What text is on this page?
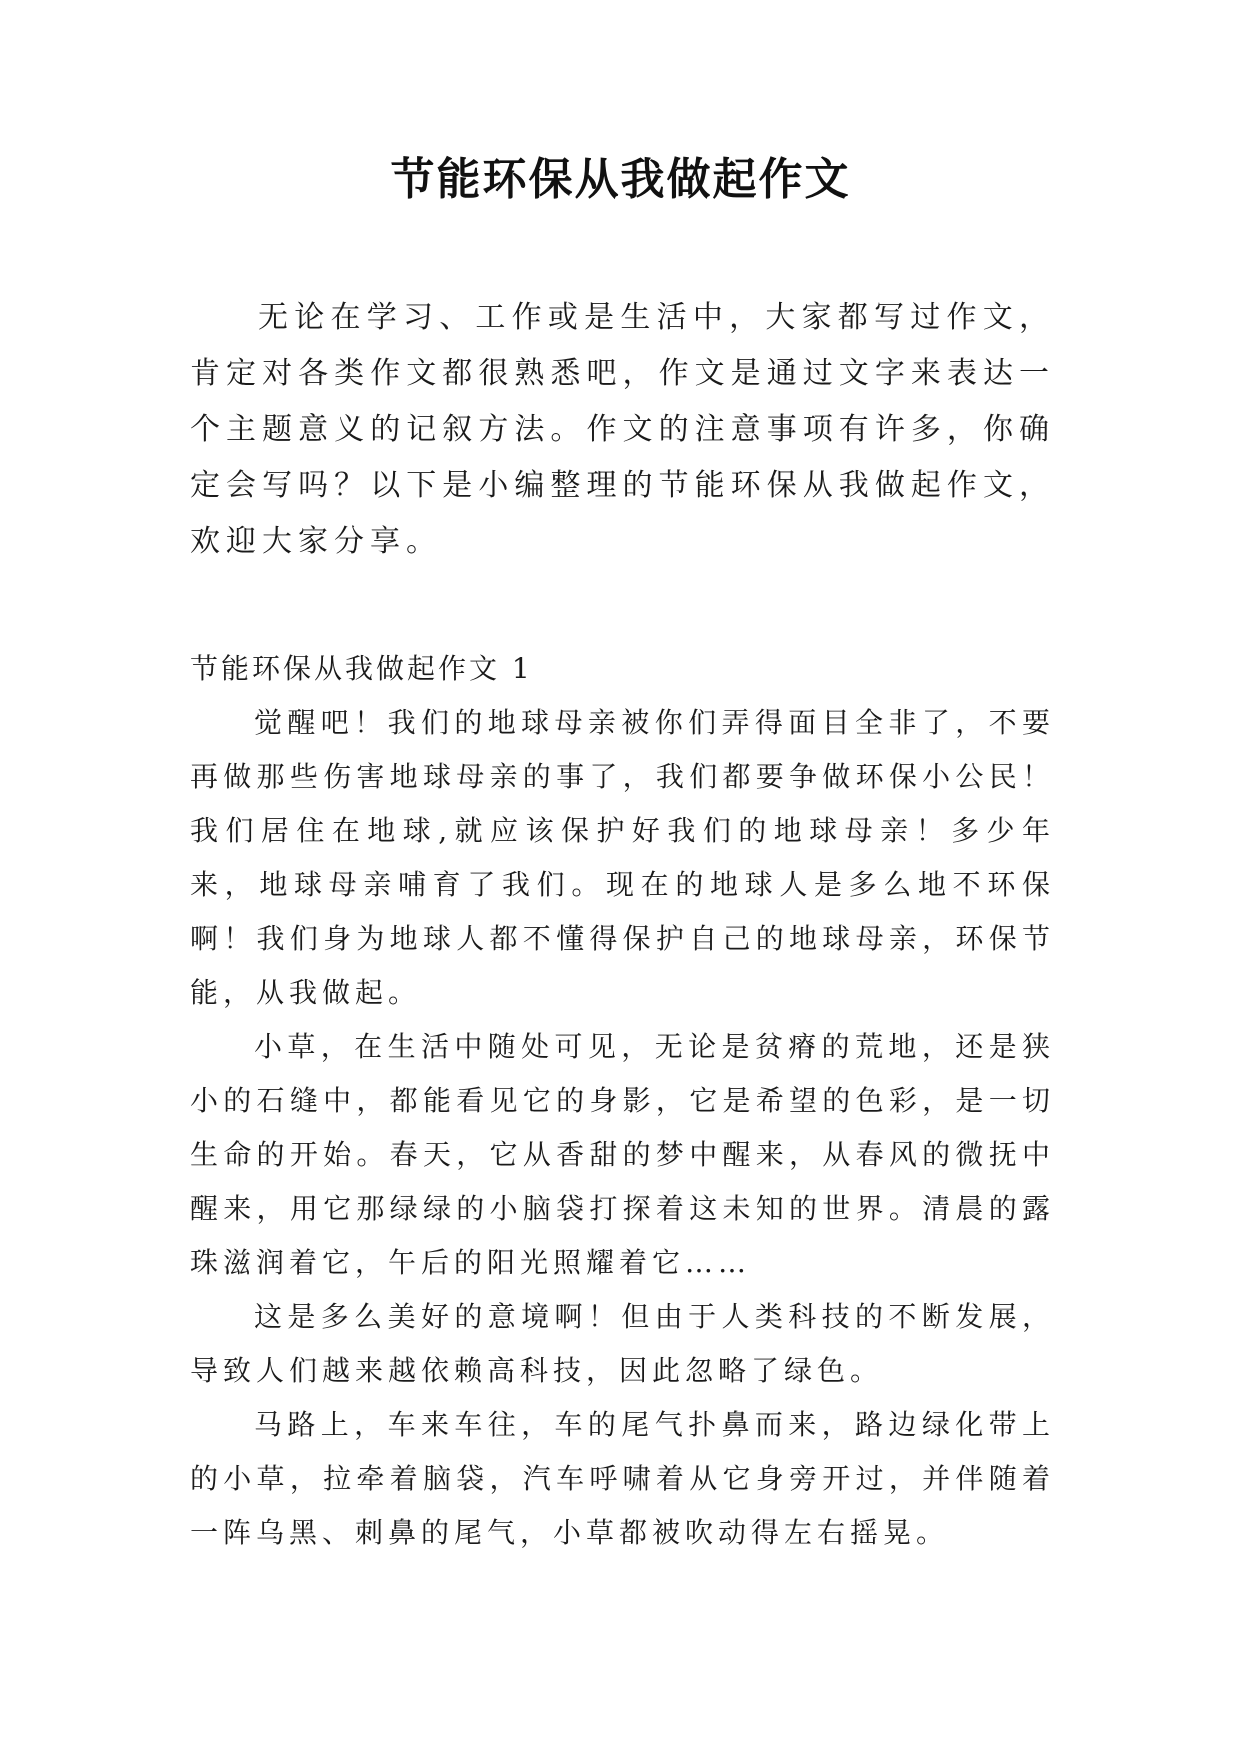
节能环保从我做起作文

无论在学习、工作或是生活中，大家都写过作文，肯定对各类作文都很熟悉吧，作文是通过文字来表达一个主题意义的记叙方法。作文的注意事项有许多，你确定会写吗？以下是小编整理的节能环保从我做起作文，欢迎大家分享。

节能环保从我做起作文 1

觉醒吧！我们的地球母亲被你们弄得面目全非了，不要再做那些伤害地球母亲的事了，我们都要争做环保小公民！我们居住在地球,就应该保护好我们的地球母亲！多少年来，地球母亲哺育了我们。现在的地球人是多么地不环保啊！我们身为地球人都不懂得保护自己的地球母亲，环保节能，从我做起。

小草，在生活中随处可见，无论是贫瘠的荒地，还是狭小的石缝中，都能看见它的身影，它是希望的色彩，是一切生命的开始。春天，它从香甜的梦中醒来，从春风的微抚中醒来，用它那绿绿的小脑袋打探着这未知的世界。清晨的露珠滋润着它，午后的阳光照耀着它……

这是多么美好的意境啊！但由于人类科技的不断发展，导致人们越来越依赖高科技，因此忽略了绿色。

马路上，车来车往，车的尾气扑鼻而来，路边绿化带上的小草，拉牵着脑袋，汽车呼啸着从它身旁开过，并伴随着一阵乌黑、刺鼻的尾气，小草都被吹动得左右摇晃。
